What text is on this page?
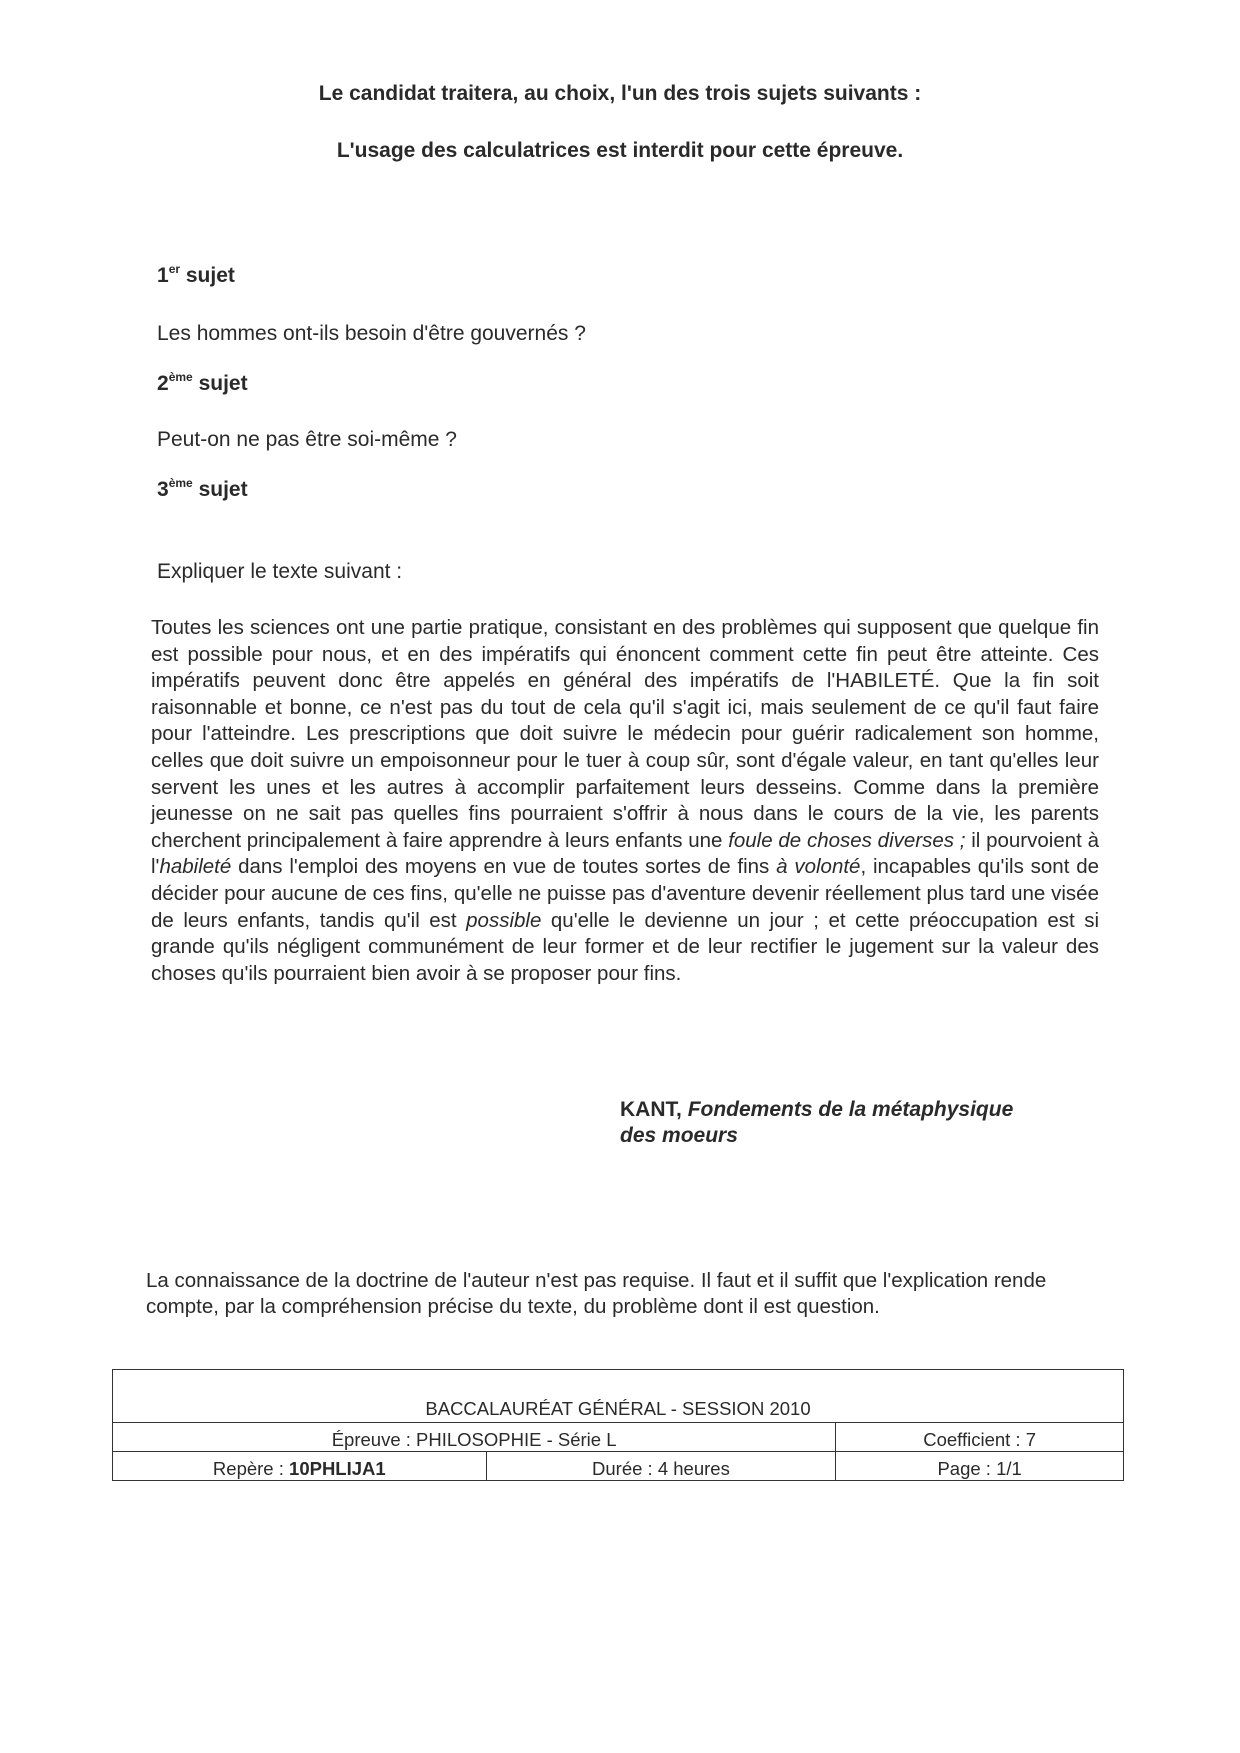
Le candidat traitera, au choix, l'un des trois sujets suivants :
L'usage des calculatrices est interdit pour cette épreuve.
1er sujet
Les hommes ont-ils besoin d'être gouvernés ?
2ème sujet
Peut-on ne pas être soi-même ?
3ème sujet
Expliquer le texte suivant :
Toutes les sciences ont une partie pratique, consistant en des problèmes qui supposent que quelque fin est possible pour nous, et en des impératifs qui énoncent comment cette fin peut être atteinte. Ces impératifs peuvent donc être appelés en général des impératifs de l'HABILETÉ. Que la fin soit raisonnable et bonne, ce n'est pas du tout de cela qu'il s'agit ici, mais seulement de ce qu'il faut faire pour l'atteindre. Les prescriptions que doit suivre le médecin pour guérir radicalement son homme, celles que doit suivre un empoisonneur pour le tuer à coup sûr, sont d'égale valeur, en tant qu'elles leur servent les unes et les autres à accomplir parfaitement leurs desseins. Comme dans la première jeunesse on ne sait pas quelles fins pourraient s'offrir à nous dans le cours de la vie, les parents cherchent principalement à faire apprendre à leurs enfants une foule de choses diverses ; il pourvoient à l'habileté dans l'emploi des moyens en vue de toutes sortes de fins à volonté, incapables qu'ils sont de décider pour aucune de ces fins, qu'elle ne puisse pas d'aventure devenir réellement plus tard une visée de leurs enfants, tandis qu'il est possible qu'elle le devienne un jour ; et cette préoccupation est si grande qu'ils négligent communément de leur former et de leur rectifier le jugement sur la valeur des choses qu'ils pourraient bien avoir à se proposer pour fins.
KANT, Fondements de la métaphysique
des moeurs
La connaissance de la doctrine de l'auteur n'est pas requise. Il faut et il suffit que l'explication rende compte, par la compréhension précise du texte, du problème dont il est question.
BACCALAURÉAT GÉNÉRAL - SESSION 2010		
Épreuve : PHILOSOPHIE - Série L		Coefficient : 7
Repère : 10PHLIJA1	Durée : 4 heures	Page : 1/1
